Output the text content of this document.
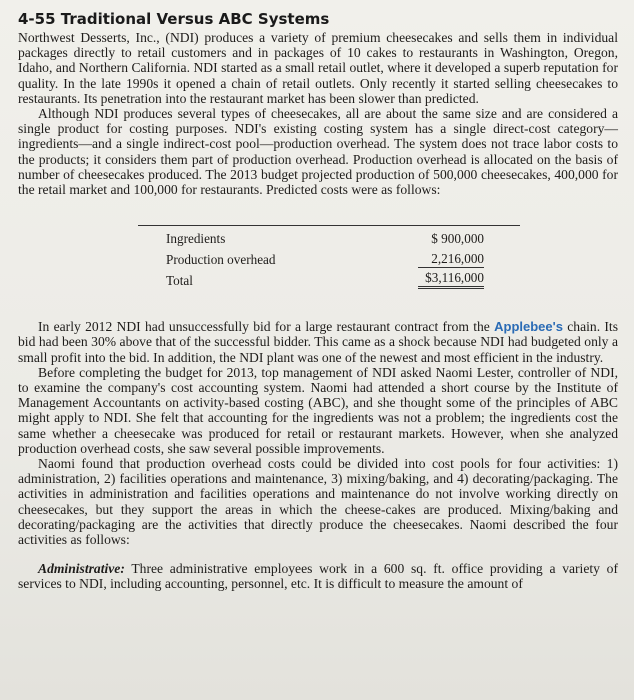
4-55 Traditional Versus ABC Systems

Northwest Desserts, Inc., (NDI) produces a variety of premium cheesecakes and sells them in individual packages directly to retail customers and in packages of 10 cakes to restaurants in Washington, Oregon, Idaho, and Northern California. NDI started as a small retail outlet, where it developed a superb reputation for quality. In the late 1990s it opened a chain of retail outlets. Only recently it started selling cheesecakes to restaurants. Its penetration into the restaurant market has been slower than predicted.

Although NDI produces several types of cheesecakes, all are about the same size and are considered a single product for costing purposes. NDI's existing costing system has a single direct-cost category—ingredients—and a single indirect-cost pool—production overhead. The system does not trace labor costs to the products; it considers them part of production overhead. Production overhead is allocated on the basis of number of cheesecakes produced. The 2013 budget projected production of 500,000 cheesecakes, 400,000 for the retail market and 100,000 for restaurants. Predicted costs were as follows:

Ingredients	$ 900,000
Production overhead	2,216,000
Total	$3,116,000

In early 2012 NDI had unsuccessfully bid for a large restaurant contract from the Applebee's chain. Its bid had been 30% above that of the successful bidder. This came as a shock because NDI had budgeted only a small profit into the bid. In addition, the NDI plant was one of the newest and most efficient in the industry.

Before completing the budget for 2013, top management of NDI asked Naomi Lester, controller of NDI, to examine the company's cost accounting system. Naomi had attended a short course by the Institute of Management Accountants on activity-based costing (ABC), and she thought some of the principles of ABC might apply to NDI. She felt that accounting for the ingredients was not a problem; the ingredients cost the same whether a cheesecake was produced for retail or restaurant markets. However, when she analyzed production overhead costs, she saw several possible improvements.

Naomi found that production overhead costs could be divided into cost pools for four activities: 1) administration, 2) facilities operations and maintenance, 3) mixing/baking, and 4) decorating/packaging. The activities in administration and facilities operations and maintenance do not involve working directly on cheesecakes, but they support the areas in which the cheese-cakes are produced. Mixing/baking and decorating/packaging are the activities that directly produce the cheesecakes. Naomi described the four activities as follows:

Administrative: Three administrative employees work in a 600 sq. ft. office providing a variety of services to NDI, including accounting, personnel, etc. It is difficult to measure the amount of
